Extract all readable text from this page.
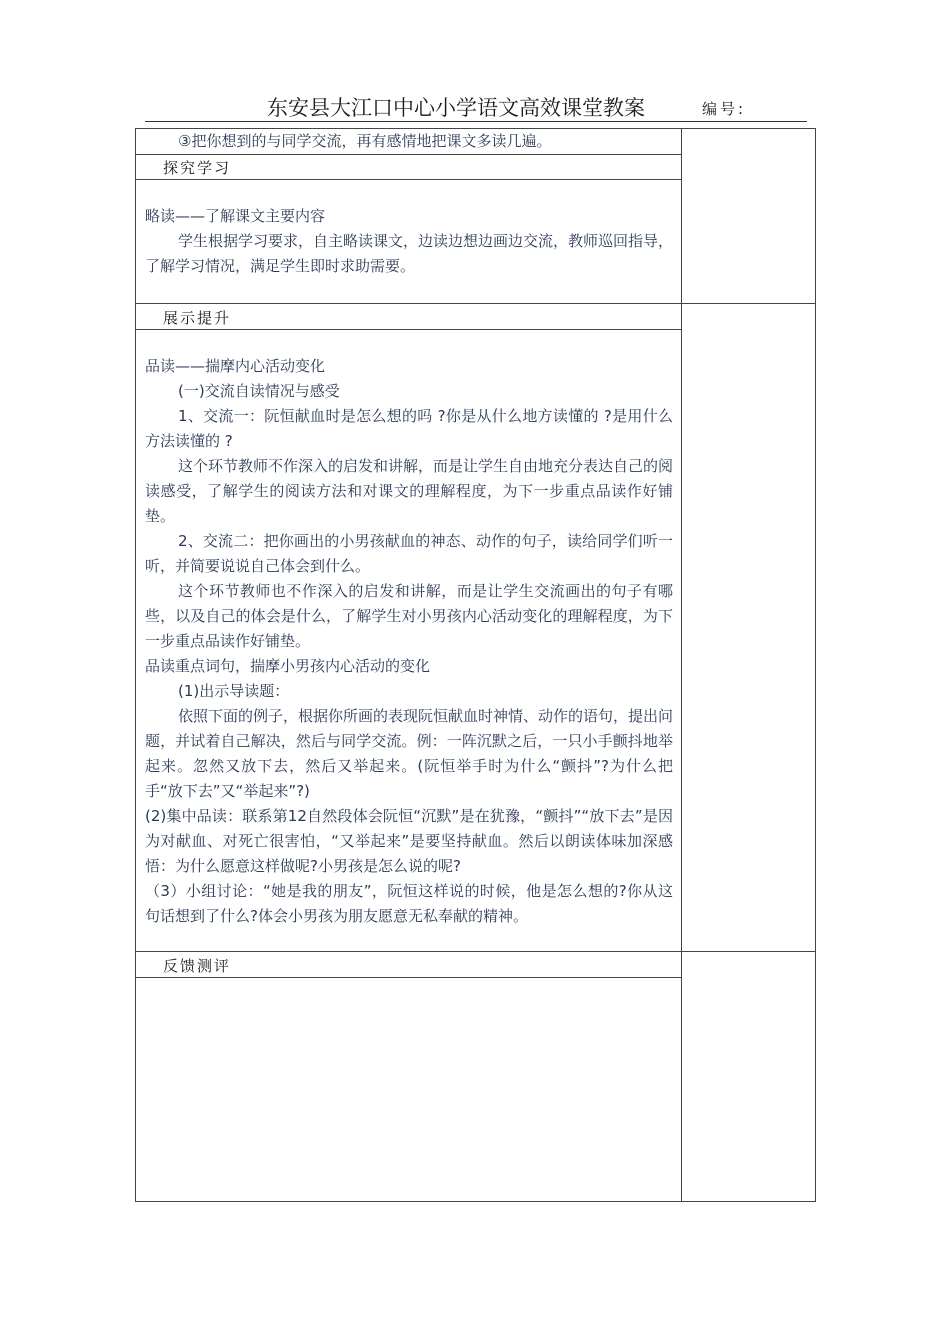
东安县大江口中心小学语文高效课堂教案	编号:
③把你想到的与同学交流，再有感情地把课文多读几遍。
探究学习

略读——了解课文主要内容

学生根据学习要求，自主略读课文，边读边想边画边交流，教师巡回指导，了解学习情况，满足学生即时求助需要。

展示提升

品读——揣摩内心活动变化

(一)交流自读情况与感受

1、交流一：阮恒献血时是怎么想的吗 ?你是从什么地方读懂的 ?是用什么方法读懂的 ?

这个环节教师不作深入的启发和讲解，而是让学生自由地充分表达自己的阅读感受，了解学生的阅读方法和对课文的理解程度，为下一步重点品读作好铺垫。

2、交流二：把你画出的小男孩献血的神态、动作的句子，读给同学们听一听，并简要说说自己体会到什么。

这个环节教师也不作深入的启发和讲解，而是让学生交流画出的句子有哪些，以及自己的体会是什么，了解学生对小男孩内心活动变化的理解程度，为下一步重点品读作好铺垫。

品读重点词句，揣摩小男孩内心活动的变化

(1)出示导读题：

依照下面的例子，根据你所画的表现阮恒献血时神情、动作的语句，提出问题，并试着自己解决，然后与同学交流。例：一阵沉默之后，一只小手颤抖地举起来。忽然又放下去，然后又举起来。(阮恒举手时为什么“颤抖”?为什么把手“放下去”又“举起来”?)

(2)集中品读：联系第12自然段体会阮恒“沉默”是在犹豫，“颤抖”“放下去”是因为对献血、对死亡很害怕，“又举起来”是要坚持献血。然后以朗读体味加深感悟：为什么愿意这样做呢?小男孩是怎么说的呢?

（3）小组讨论：“她是我的朋友”，阮恒这样说的时候，他是怎么想的?你从这句话想到了什么?体会小男孩为朋友愿意无私奉献的精神。

反馈测评
